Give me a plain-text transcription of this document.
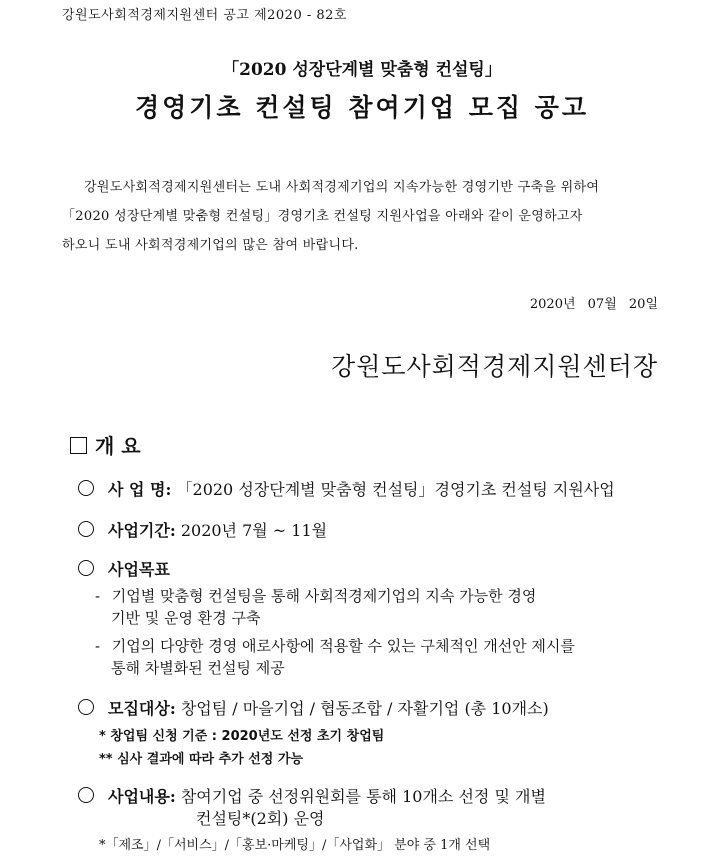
강원도사회적경제지원센터 공고 제2020 - 82호
「2020 성장단계별 맞춤형 컨설팅」
경영기초 컨설팅 참여기업 모집 공고
강원도사회적경제지원센터는 도내 사회적경제기업의 지속가능한 경영기반 구축을 위하여
「2020 성장단계별 맞춤형 컨설팅」경영기초 컨설팅 지원사업을 아래와 같이 운영하고자
하오니 도내 사회적경제기업의 많은 참여 바랍니다.
2020년 07월 20일
강원도사회적경제지원센터장
개 요
사 업 명: 「2020 성장단계별 맞춤형 컨설팅」경영기초 컨설팅 지원사업
사업기간: 2020년 7월 ~ 11월
사업목표
- 기업별 맞춤형 컨설팅을 통해 사회적경제기업의 지속 가능한 경영
기반 및 운영 환경 구축
- 기업의 다양한 경영 애로사항에 적용할 수 있는 구체적인 개선안 제시를
통해 차별화된 컨설팅 제공
모집대상: 창업팀 / 마을기업 / 협동조합 / 자활기업 (총 10개소)
* 창업팀 신청 기준 : 2020년도 선정 초기 창업팀
** 심사 결과에 따라 추가 선정 가능
사업내용: 참여기업 중 선정위원회를 통해 10개소 선정 및 개별
컨설팅*(2회) 운영
*「제조」/「서비스」/「홍보·마케팅」/「사업화」 분야 중 1개 선택
